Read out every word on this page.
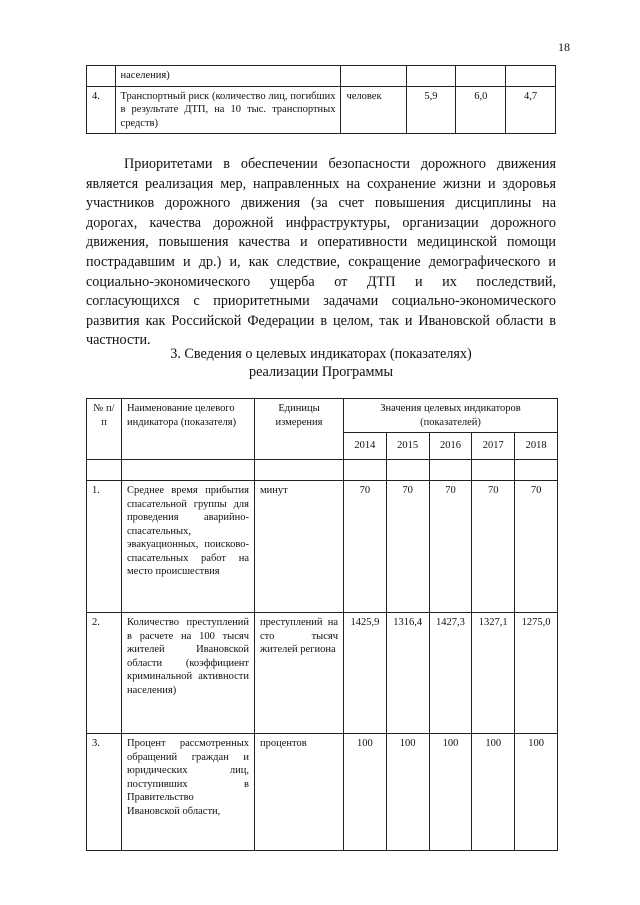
18
	населения)				
4.	Транспортный риск (количество лиц, погибших в результате ДТП, на 10 тыс. транспортных средств)	человек	5,9	6,0	4,7
Приоритетами в обеспечении безопасности дорожного движения является реализация мер, направленных на сохранение жизни и здоровья участников дорожного движения (за счет повышения дисциплины на дорогах, качества дорожной инфраструктуры, организации дорожного движения, повышения качества и оперативности медицинской помощи пострадавшим и др.) и, как следствие, сокращение демографического и социально-экономического ущерба от ДТП и их последствий, согласующихся с приоритетными задачами социально-экономического развития как Российской Федерации в целом, так и Ивановской области в частности.
3. Сведения о целевых индикаторах (показателях)
реализации Программы
№ п/п	Наименование целевого индикатора (показателя)	Единицы измерения	Значения целевых индикаторов (показателей)				
			2014	2015	2016	2017	2018

1.	Среднее время прибытия спасательной группы для проведения аварийно-спасательных, эвакуационных, поисково-спасательных работ на место происшествия	минут	70	70	70	70	70
2.	Количество преступлений в расчете на 100 тысяч жителей Ивановской области (коэффициент криминальной активности населения)	преступлений на сто тысяч жителей региона	1425,9	1316,4	1427,3	1327,1	1275,0
3.	Процент рассмотренных обращений граждан и юридических лиц, поступивших в Правительство Ивановской области,	процентов	100	100	100	100	100
